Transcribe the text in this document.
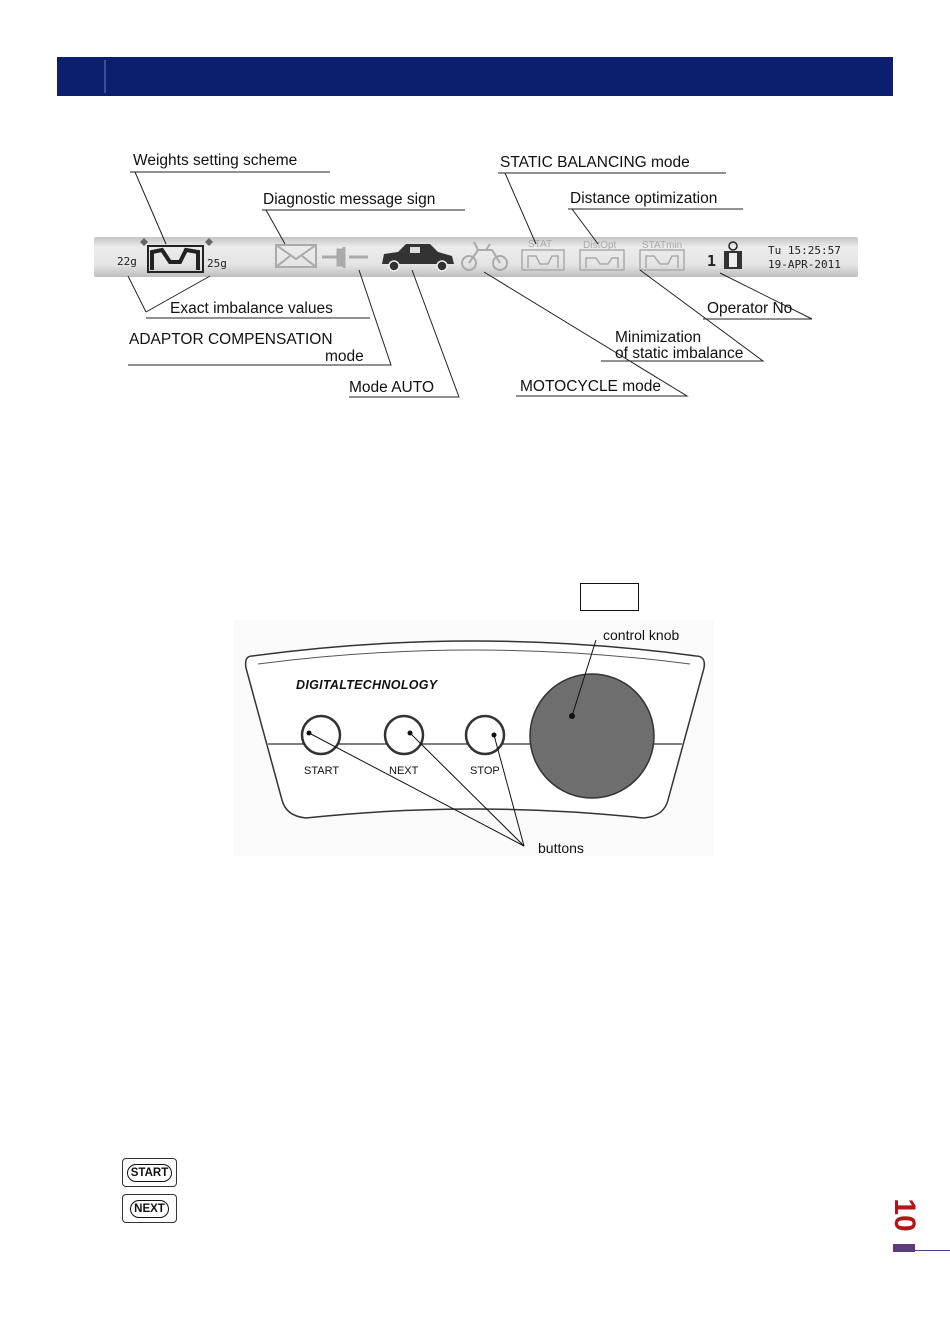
Weights setting scheme
Diagnostic message sign
STATIC BALANCING mode
Distance optimization
22g	25g
STAT	DistOpt	STATmin
1
Tu 15:25:57
19-APR-2011
Exact imbalance values
ADAPTOR COMPENSATION
mode
Mode AUTO	MOTOCYCLE mode
Operator No
Minimization
of static imbalance
control knob
DIGITALTECHNOLOGY
START	NEXT	STOP
buttons
START
NEXT	10
